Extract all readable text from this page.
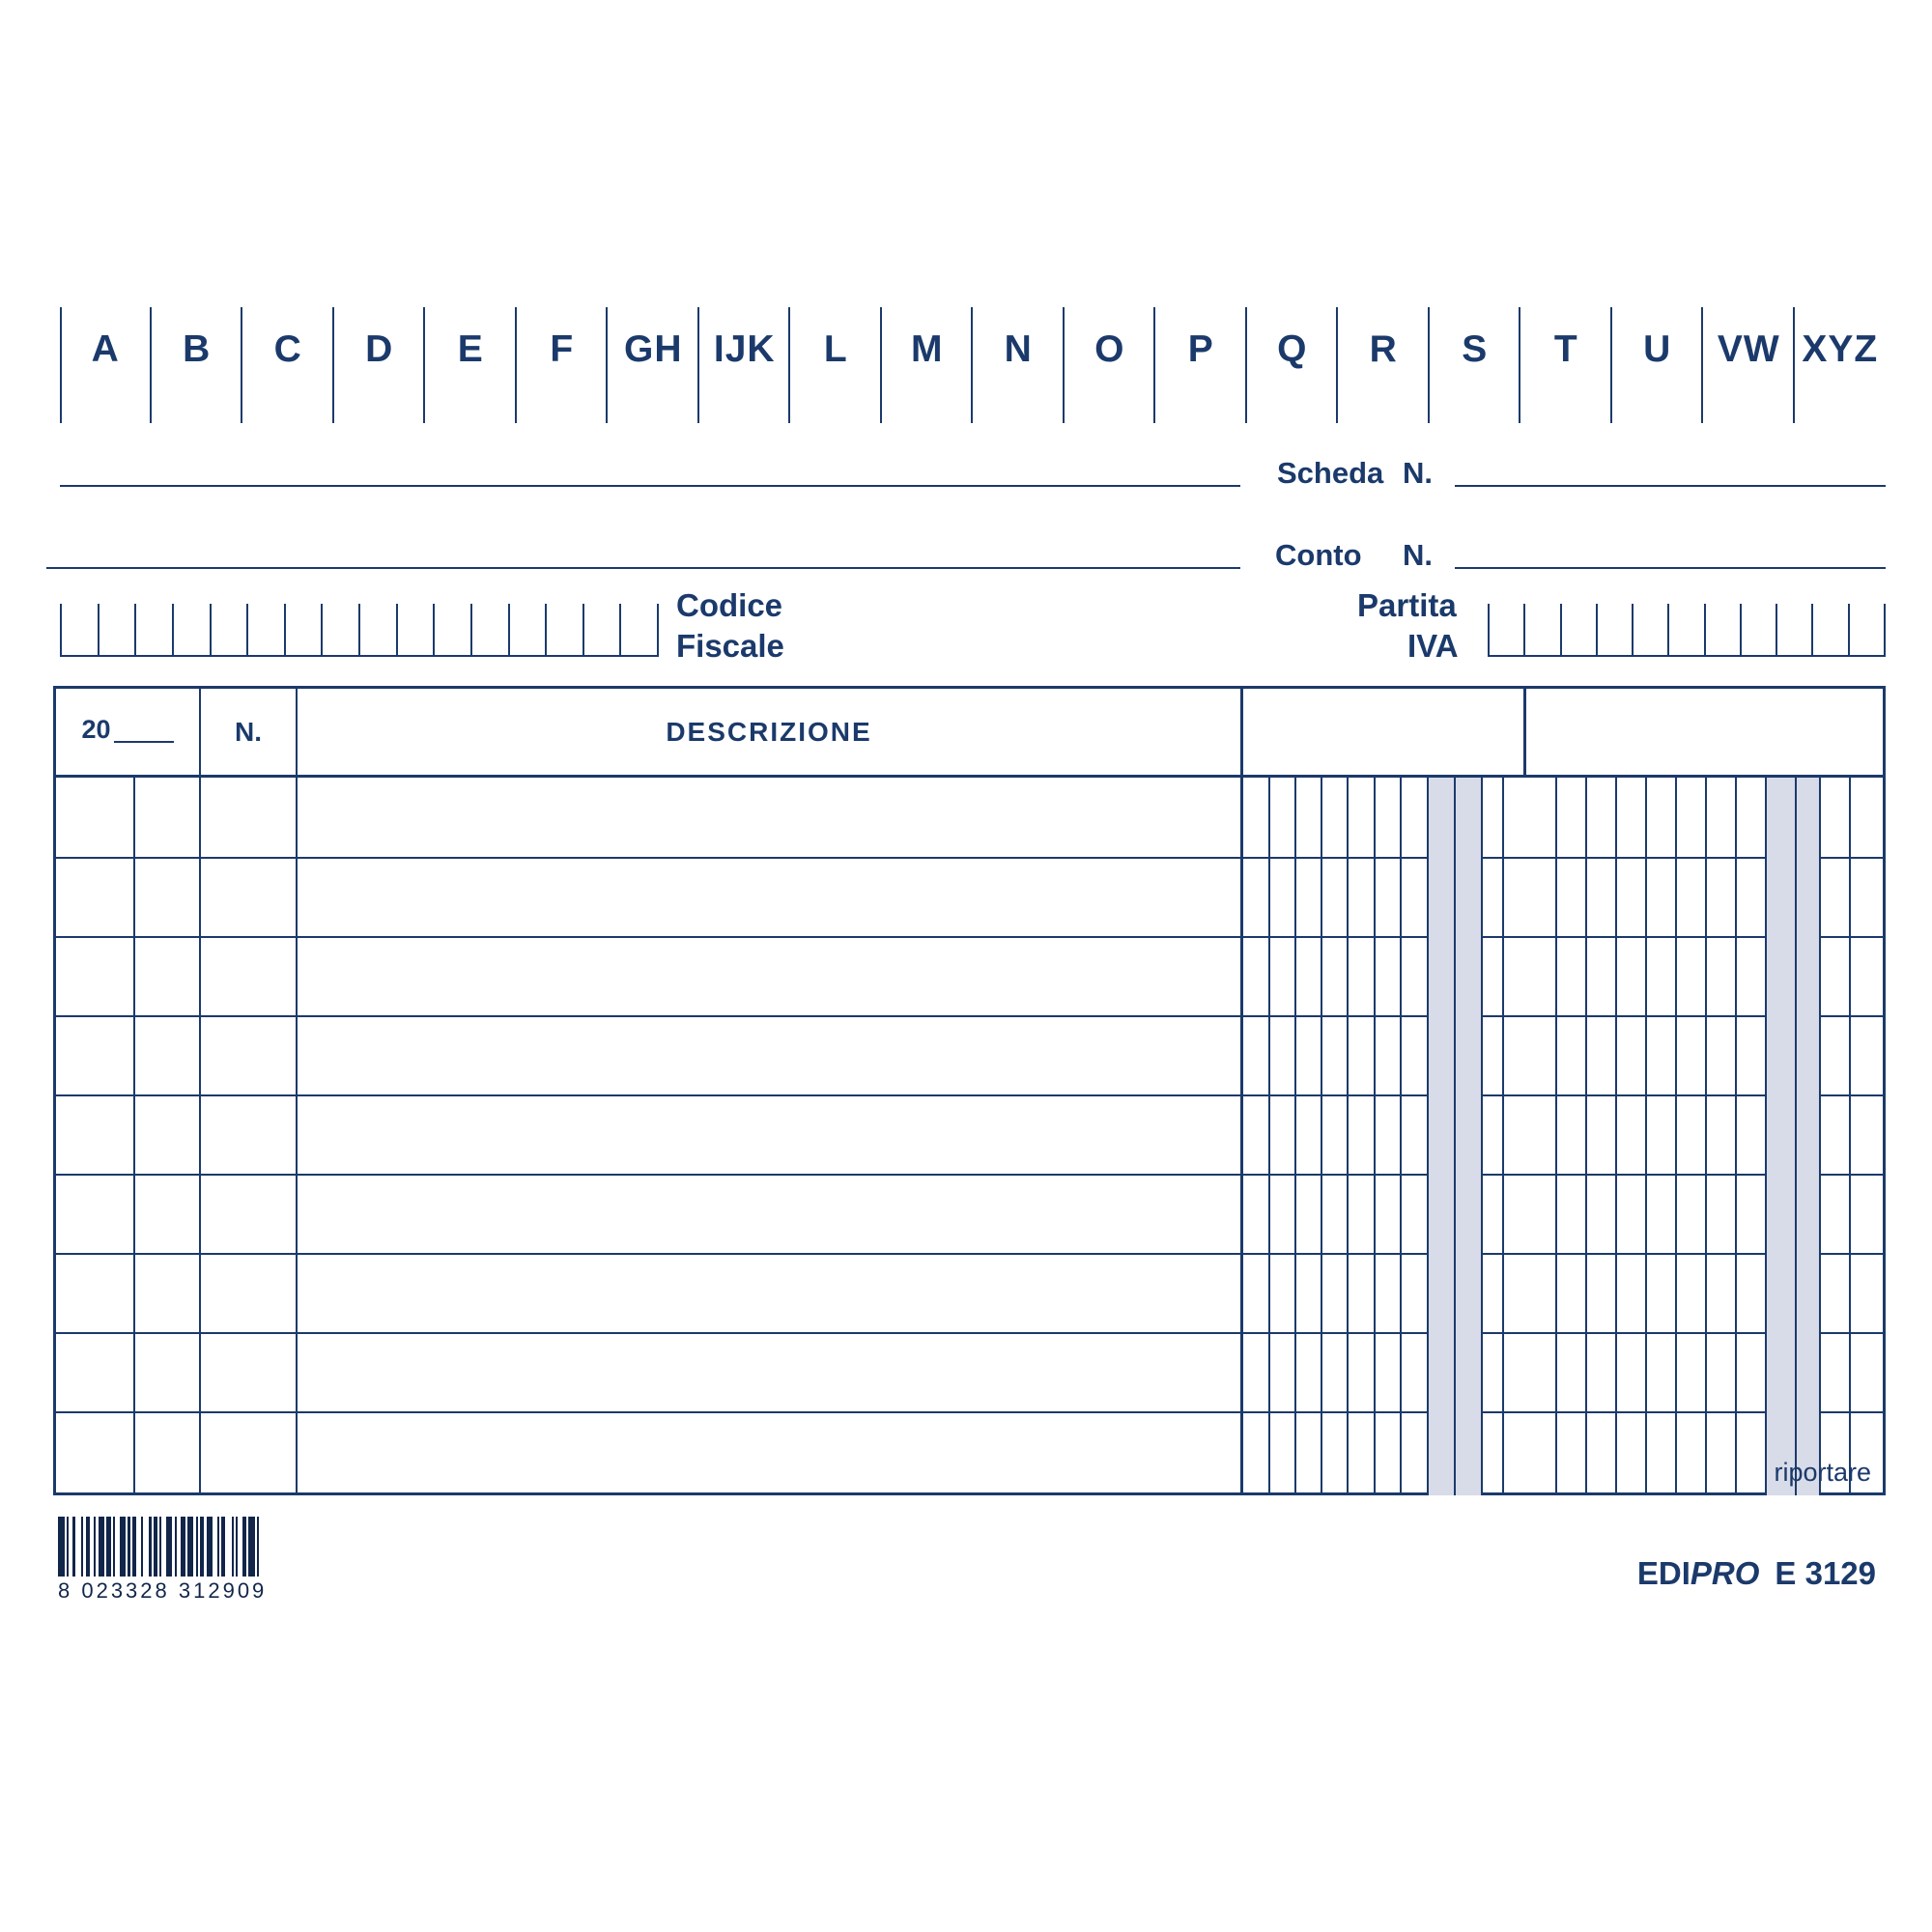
A	B	C	D	E	F	GH IJK	L	M	N	O	P	Q	R	S	T	U	VW XYZ
Scheda N.
Conto N.
Codice
Fiscale
Partita
IVA
20	N.	DESCRIZIONE
riportare
8 023328 312909	EDIPRO E 3129
